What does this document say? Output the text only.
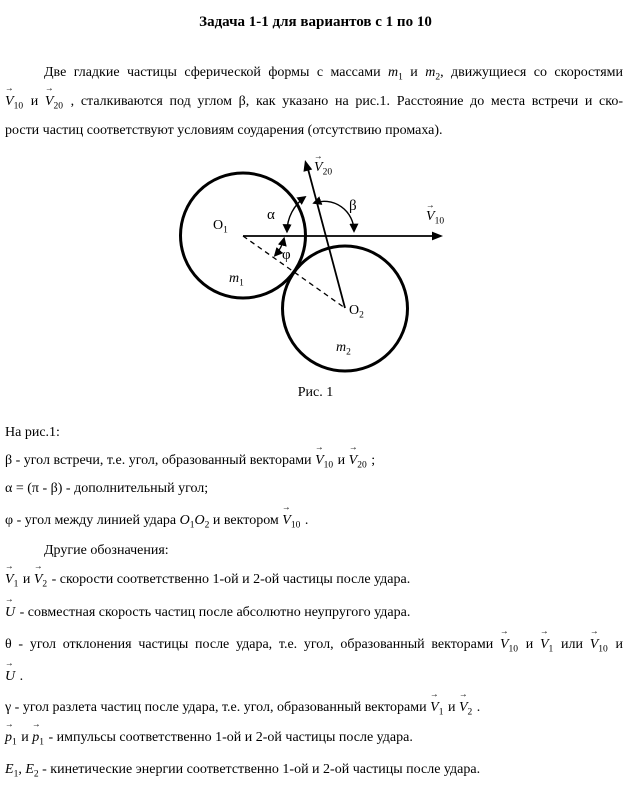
Задача 1-1 для вариантов с 1 по 10
Две гладкие частицы сферической формы с массами $m_1$ и $m_2$, движущиеся со скоростями
V
→
$_{10}$ и V
→
$_{20}$ , сталкиваются под углом β, как указано на рис.1. Расстояние до места встречи и ско-
рости частиц соответствуют условиям соударения (отсутствию промаха).
V
→
$_{20}$
V
→
$_{10}$
α
β
φ
$O_1$
$O_2$
$m_1$
$m_2$
Рис. 1
На рис.1:
β - угол встречи, т.е. угол, образованный векторами V
→
$_{10}$ и V
→
$_{20}$ ;
α = (π - β) - дополнительный угол;
φ - угол между линией удара $O_1O_2$ и вектором V
→
$_{10}$ .
Другие обозначения:
V
→
$_1$ и V
→
$_2$ - скорости соответственно 1-ой и 2-ой частицы после удара.
U
→
- совместная скорость частиц после абсолютно неупругого удара.
θ - угол отклонения частицы после удара, т.е. угол, образованный векторами V
→
$_{10}$ и V
→
$_1$ или V
→
$_{10}$ и
U
→
.
γ - угол разлета частиц после удара, т.е. угол, образованный векторами V
→
$_1$ и V
→
$_2$ .
p
→
$_1$ и p
→
$_1$ - импульсы соответственно 1-ой и 2-ой частицы после удара.
$E_1$, $E_2$ - кинетические энергии соответственно 1-ой и 2-ой частицы после удара.
